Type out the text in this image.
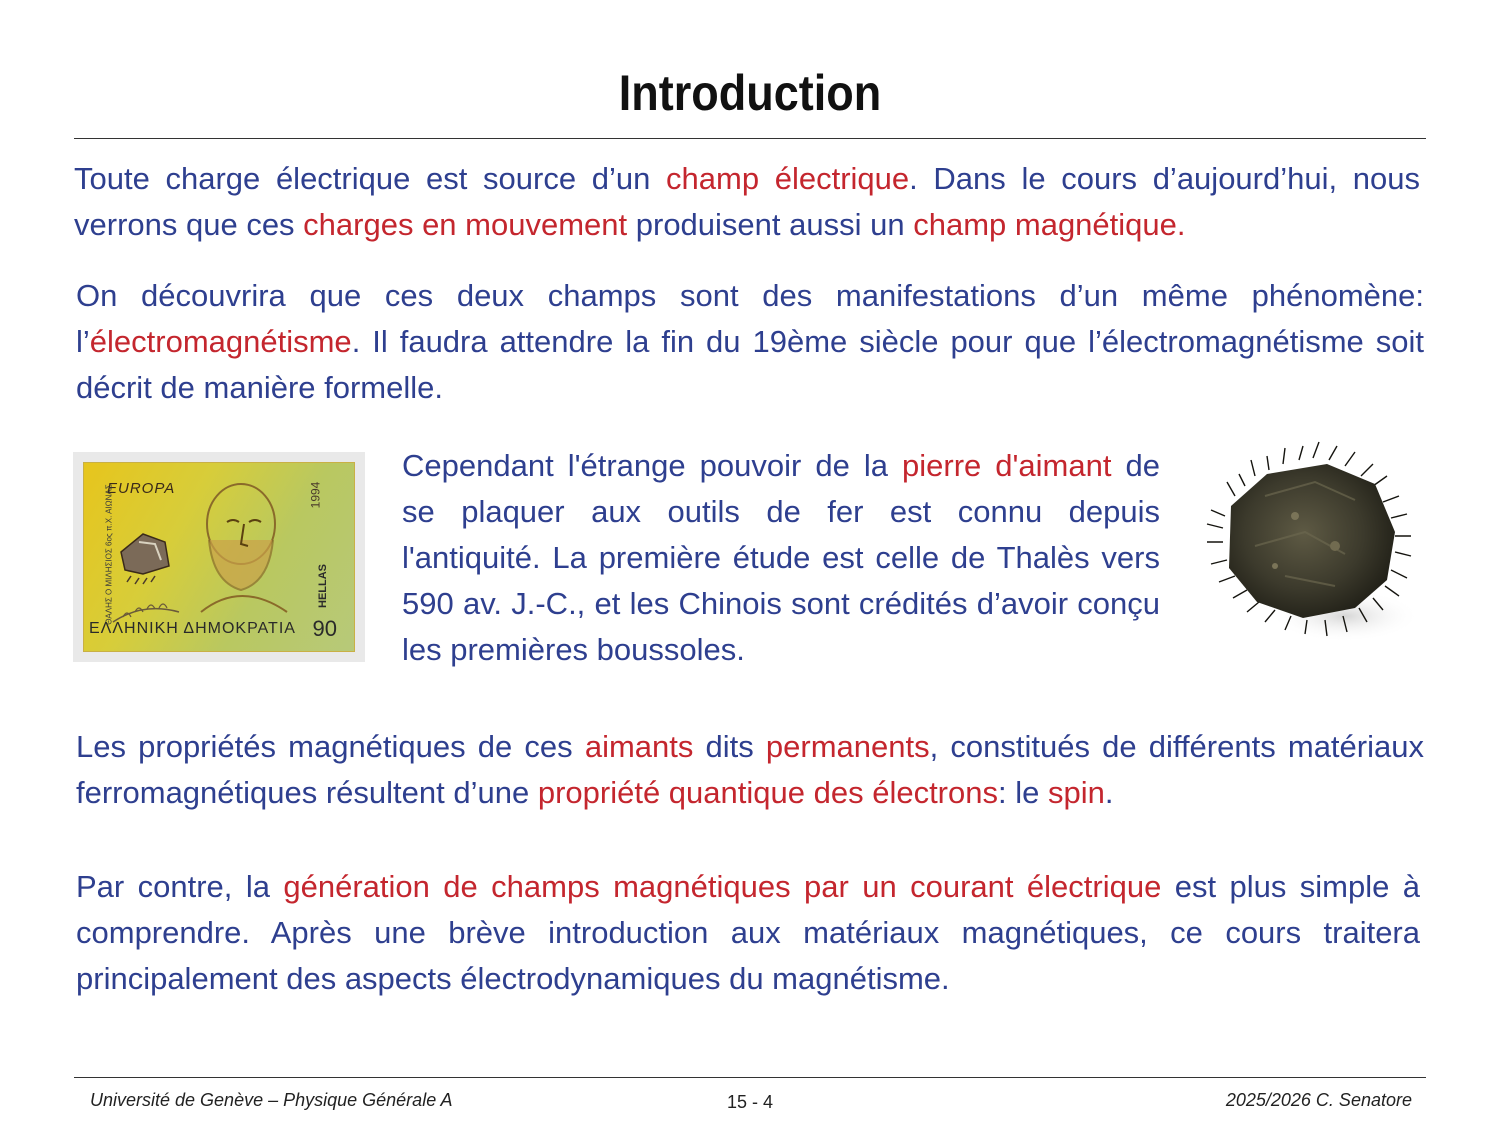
Introduction

Toute charge électrique est source d’un champ électrique. Dans le cours d’aujourd’hui, nous verrons que ces charges en mouvement produisent aussi un champ magnétique.

On découvrira que ces deux champs sont des manifestations d’un même phénomène: l’électromagnétisme. Il faudra attendre la fin du 19ème siècle pour que l’électromagnétisme soit décrit de manière formelle.

EUROPA	1994
HELLAS
ΘΑΛΗΣ Ο ΜΙΛΗΣΙΟΣ 6ος π.Χ. ΑΙΩΝΑΣ
ΕΛΛΗΝΙΚΗ ΔΗΜΟΚΡΑΤΙΑ 90

Cependant l'étrange pouvoir de la pierre d'aimant de se plaquer aux outils de fer est connu depuis l'antiquité. La première étude est celle de Thalès vers 590 av. J.-C., et les Chinois sont crédités d’avoir conçu les premières boussoles.

Les propriétés magnétiques de ces aimants dits permanents, constitués de différents matériaux ferromagnétiques résultent d’une propriété quantique des électrons: le spin.

Par contre, la génération de champs magnétiques par un courant électrique est plus simple à comprendre. Après une brève introduction aux matériaux magnétiques, ce cours traitera principalement des aspects électrodynamiques du magnétisme.

Université de Genève – Physique Générale A	15 - 4	2025/2026 C. Senatore
